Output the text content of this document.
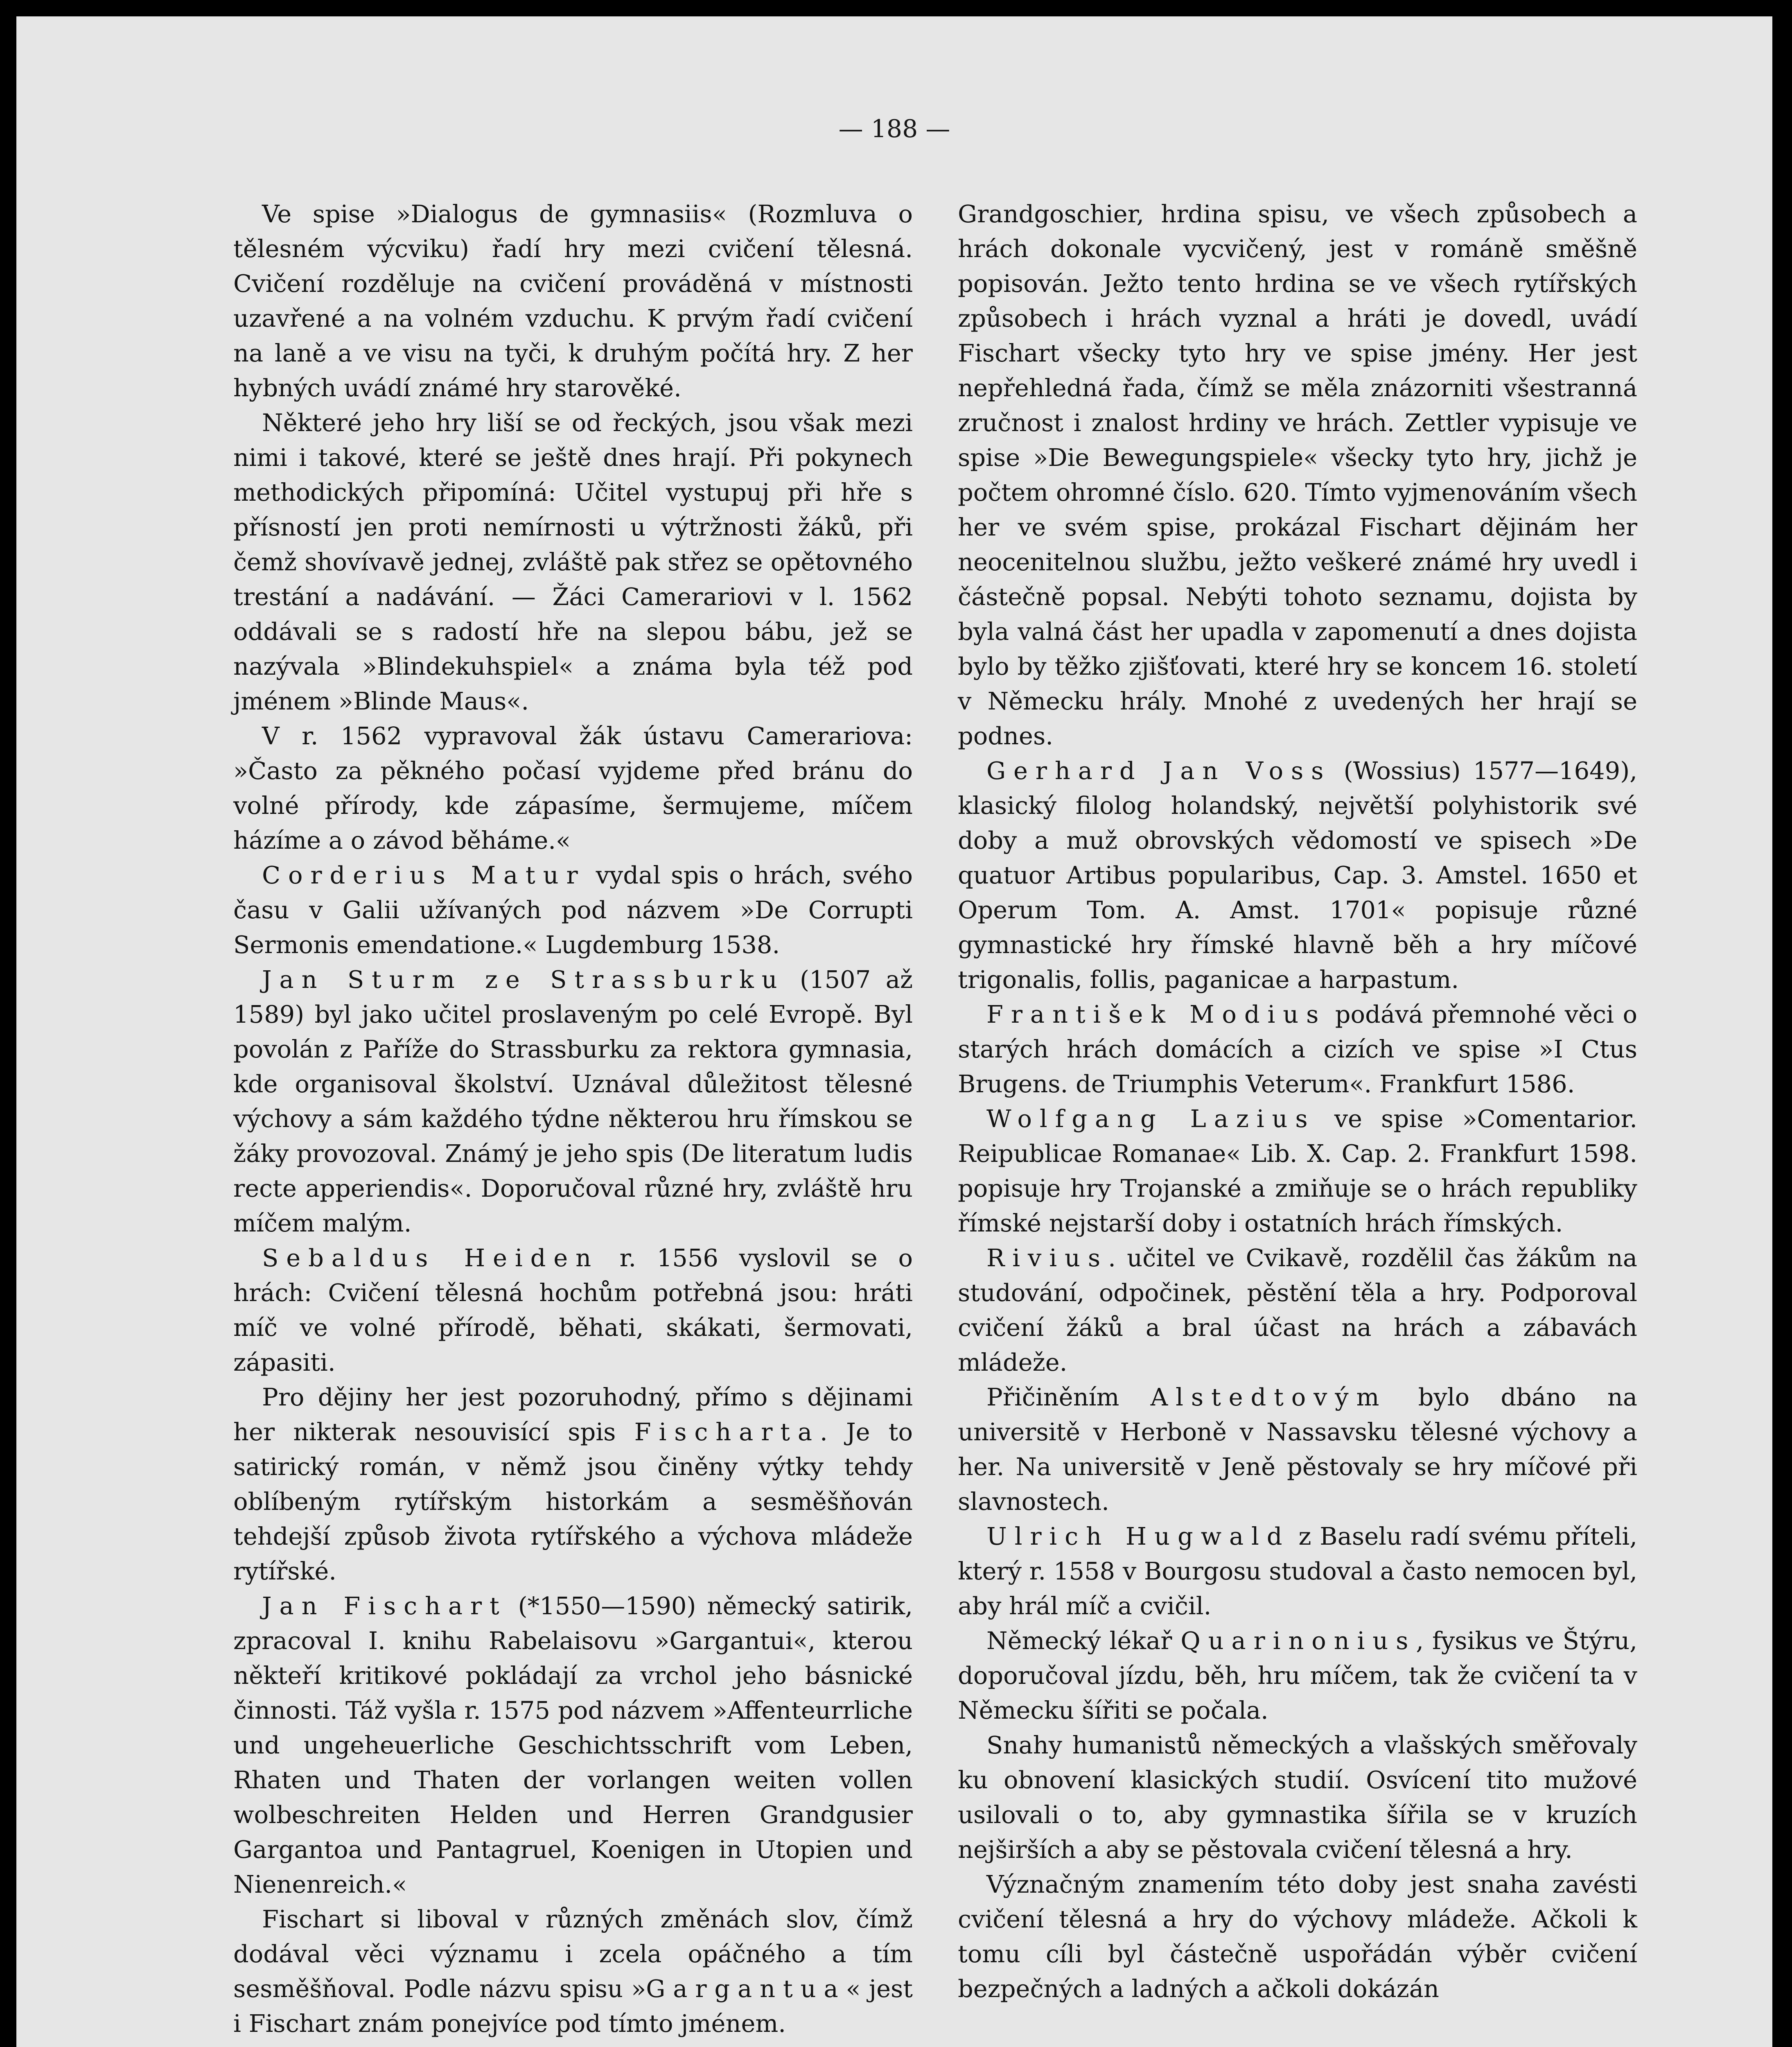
— 188 —

Ve spise »Dialogus de gymnasiis« (Rozmluva o tělesném výcviku) řadí hry mezi cvičení tělesná. Cvičení rozděluje na cvičení prováděná v místnosti uzavřené a na volném vzduchu. K prvým řadí cvičení na laně a ve visu na tyči, k druhým počítá hry. Z her hybných uvádí známé hry starověké.

Některé jeho hry liší se od řeckých, jsou však mezi nimi i takové, které se ještě dnes hrají. Při pokynech methodických připomíná: Učitel vystupuj při hře s přísností jen proti nemírnosti u výtržnosti žáků, při čemž shovívavě jednej, zvláště pak střez se opětovného trestání a nadávání. — Žáci Camerariovi v l. 1562 oddávali se s radostí hře na slepou bábu, jež se nazývala »Blindekuhspiel« a známa byla též pod jménem »Blinde Maus«.

V r. 1562 vypravoval žák ústavu Camerariova: »Často za pěkného počasí vyjdeme před bránu do volné přírody, kde zápasíme, šermujeme, míčem házíme a o závod běháme.«

Corderius Matur vydal spis o hrách, svého času v Galii užívaných pod názvem »De Corrupti Sermonis emendatione.« Lugdemburg 1538.

Jan Sturm ze Strassburku (1507 až 1589) byl jako učitel proslaveným po celé Evropě. Byl povolán z Paříže do Strassburku za rektora gymnasia, kde organisoval školství. Uznával důležitost tělesné výchovy a sám každého týdne některou hru římskou se žáky provozoval. Známý je jeho spis (De literatum ludis recte apperiendis«. Doporučoval různé hry, zvláště hru míčem malým.

Sebaldus Heiden r. 1556 vyslovil se o hrách: Cvičení tělesná hochům potřebná jsou: hráti míč ve volné přírodě, běhati, skákati, šermovati, zápasiti.

Pro dějiny her jest pozoruhodný, přímo s dějinami her nikterak nesouvisící spis Fischarta. Je to satirický román, v němž jsou činěny výtky tehdy oblíbeným rytířským historkám a sesměšňován tehdejší způsob života rytířského a výchova mládeže rytířské.

Jan Fischart (*1550—1590) německý satirik, zpracoval I. knihu Rabelaisovu »Gargantui«, kterou někteří kritikové pokládají za vrchol jeho básnické činnosti. Táž vyšla r. 1575 pod názvem »Affenteurrliche und ungeheuerliche Geschichtsschrift vom Leben, Rhaten und Thaten der vorlangen weiten vollen wolbeschreiten Helden und Herren Grandgusier Gargantoa und Pantagruel, Koenigen in Utopien und Nienenreich.«

Fischart si liboval v různých změnách slov, čímž dodával věci významu i zcela opáčného a tím sesměšňoval. Podle názvu spisu »Gargantua« jest i Fischart znám ponejvíce pod tímto jménem.

Grandgoschier, hrdina spisu, ve všech způsobech a hrách dokonale vycvičený, jest v románě směšně popisován. Ježto tento hrdina se ve všech rytířských způsobech i hrách vyznal a hráti je dovedl, uvádí Fischart všecky tyto hry ve spise jmény. Her jest nepřehledná řada, čímž se měla znázorniti všestranná zručnost i znalost hrdiny ve hrách. Zettler vypisuje ve spise »Die Bewegungspiele« všecky tyto hry, jichž je počtem ohromné číslo. 620. Tímto vyjmenováním všech her ve svém spise, prokázal Fischart dějinám her neocenitelnou službu, ježto veškeré známé hry uvedl i částečně popsal. Nebýti tohoto seznamu, dojista by byla valná část her upadla v zapomenutí a dnes dojista bylo by těžko zjišťovati, které hry se koncem 16. století v Německu hrály. Mnohé z uvedených her hrají se podnes.

Gerhard Jan Voss (Wossius) 1577—1649), klasický filolog holandský, největší polyhistorik své doby a muž obrovských vědomostí ve spisech »De quatuor Artibus popularibus, Cap. 3. Amstel. 1650 et Operum Tom. A. Amst. 1701« popisuje různé gymnastické hry římské hlavně běh a hry míčové trigonalis, follis, paganicae a harpastum.

František Modius podává přemnohé věci o starých hrách domácích a cizích ve spise »I Ctus Brugens. de Triumphis Veterum«. Frankfurt 1586.

Wolfgang Lazius ve spise »Comentarior. Reipublicae Romanae« Lib. X. Cap. 2. Frankfurt 1598. popisuje hry Trojanské a zmiňuje se o hrách republiky římské nejstarší doby i ostatních hrách římských.

Rivius. učitel ve Cvikavě, rozdělil čas žákům na studování, odpočinek, pěstění těla a hry. Podporoval cvičení žáků a bral účast na hrách a zábavách mládeže.

Přičiněním Alstedtovým bylo dbáno na universitě v Herboně v Nassavsku tělesné výchovy a her. Na universitě v Jeně pěstovaly se hry míčové při slavnostech.

Ulrich Hugwald z Baselu radí svému příteli, který r. 1558 v Bourgosu studoval a často nemocen byl, aby hrál míč a cvičil.

Německý lékař Quarinonius, fysikus ve Štýru, doporučoval jízdu, běh, hru míčem, tak že cvičení ta v Německu šířiti se počala.

Snahy humanistů německých a vlašských směřovaly ku obnovení klasických studií. Osvícení tito mužové usilovali o to, aby gymnastika šířila se v kruzích nejširších a aby se pěstovala cvičení tělesná a hry.

Význačným znamením této doby jest snaha zavésti cvičení tělesná a hry do výchovy mládeže. Ačkoli k tomu cíli byl částečně uspořádán výběr cvičení bezpečných a ladných a ačkoli dokázán
